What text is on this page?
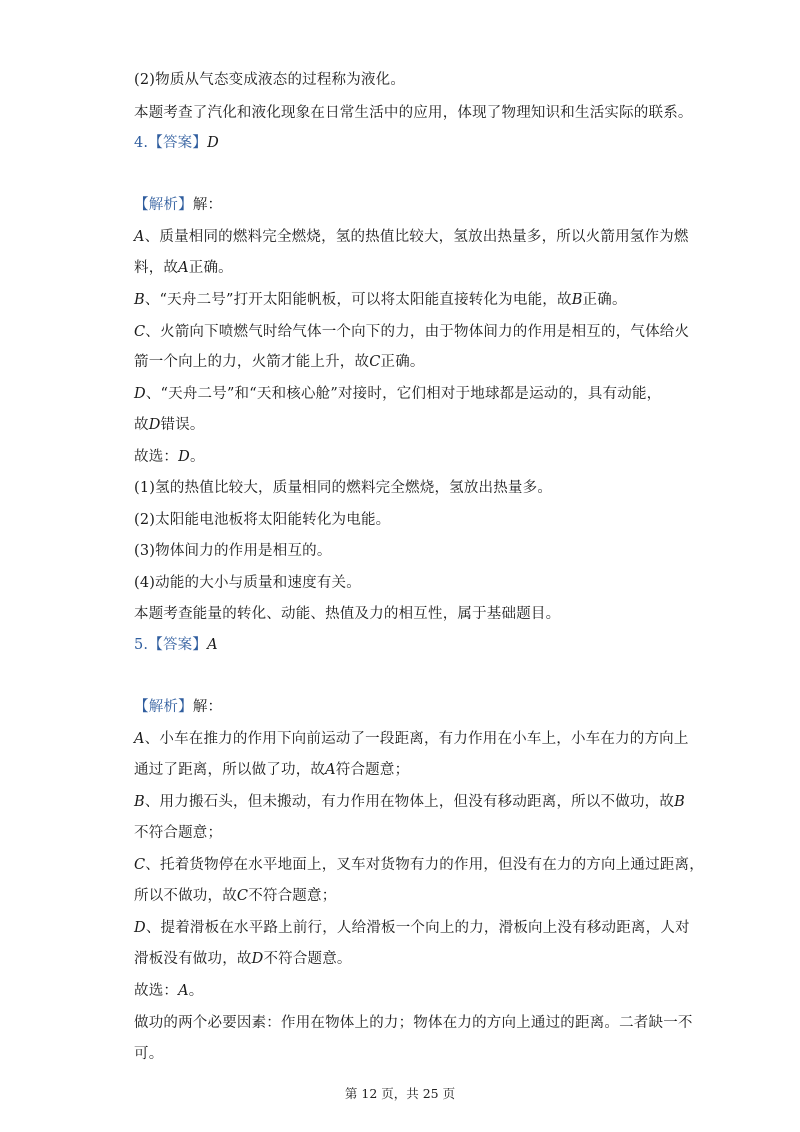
(2)物质从气态变成液态的过程称为液化。
本题考查了汽化和液化现象在日常生活中的应用，体现了物理知识和生活实际的联系。
4.【答案】D
【解析】解：
A、质量相同的燃料完全燃烧，氢的热值比较大，氢放出热量多，所以火箭用氢作为燃
料，故A正确。
B、“天舟二号”打开太阳能帆板，可以将太阳能直接转化为电能，故B正确。
C、火箭向下喷燃气时给气体一个向下的力，由于物体间力的作用是相互的，气体给火
箭一个向上的力，火箭才能上升，故C正确。
D、“天舟二号”和“天和核心舱”对接时，它们相对于地球都是运动的，具有动能，
故D错误。
故选：D。
(1)氢的热值比较大，质量相同的燃料完全燃烧，氢放出热量多。
(2)太阳能电池板将太阳能转化为电能。
(3)物体间力的作用是相互的。
(4)动能的大小与质量和速度有关。
本题考查能量的转化、动能、热值及力的相互性，属于基础题目。
5.【答案】A
【解析】解：
A、小车在推力的作用下向前运动了一段距离，有力作用在小车上，小车在力的方向上
通过了距离，所以做了功，故A符合题意；
B、用力搬石头，但未搬动，有力作用在物体上，但没有移动距离，所以不做功，故B
不符合题意；
C、托着货物停在水平地面上，叉车对货物有力的作用，但没有在力的方向上通过距离，
所以不做功，故C不符合题意；
D、提着滑板在水平路上前行，人给滑板一个向上的力，滑板向上没有移动距离，人对
滑板没有做功，故D不符合题意。
故选：A。
做功的两个必要因素：作用在物体上的力；物体在力的方向上通过的距离。二者缺一不
可。
第 12 页，共 25 页
